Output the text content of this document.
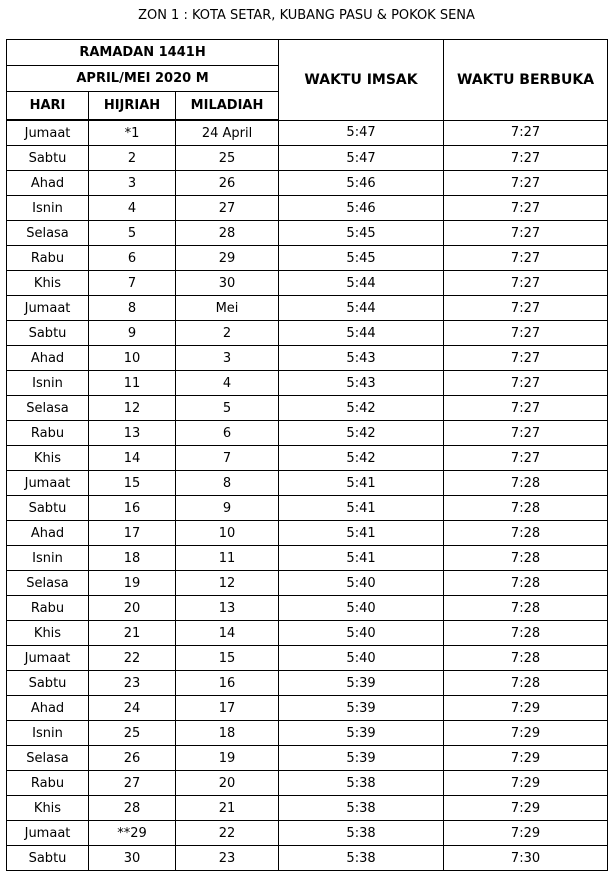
ZON 1 : KOTA SETAR, KUBANG PASU & POKOK SENA
RAMADAN 1441H			WAKTU IMSAK	WAKTU BERBUKA
APRIL/MEI 2020 M				
HARI	HIJRIAH	MILADIAH		
Jumaat	*1	24 April	5:47	7:27
Sabtu	2	25	5:47	7:27
Ahad	3	26	5:46	7:27
Isnin	4	27	5:46	7:27
Selasa	5	28	5:45	7:27
Rabu	6	29	5:45	7:27
Khis	7	30	5:44	7:27
Jumaat	8	Mei	5:44	7:27
Sabtu	9	2	5:44	7:27
Ahad	10	3	5:43	7:27
Isnin	11	4	5:43	7:27
Selasa	12	5	5:42	7:27
Rabu	13	6	5:42	7:27
Khis	14	7	5:42	7:27
Jumaat	15	8	5:41	7:28
Sabtu	16	9	5:41	7:28
Ahad	17	10	5:41	7:28
Isnin	18	11	5:41	7:28
Selasa	19	12	5:40	7:28
Rabu	20	13	5:40	7:28
Khis	21	14	5:40	7:28
Jumaat	22	15	5:40	7:28
Sabtu	23	16	5:39	7:28
Ahad	24	17	5:39	7:29
Isnin	25	18	5:39	7:29
Selasa	26	19	5:39	7:29
Rabu	27	20	5:38	7:29
Khis	28	21	5:38	7:29
Jumaat	**29	22	5:38	7:29
Sabtu	30	23	5:38	7:30
